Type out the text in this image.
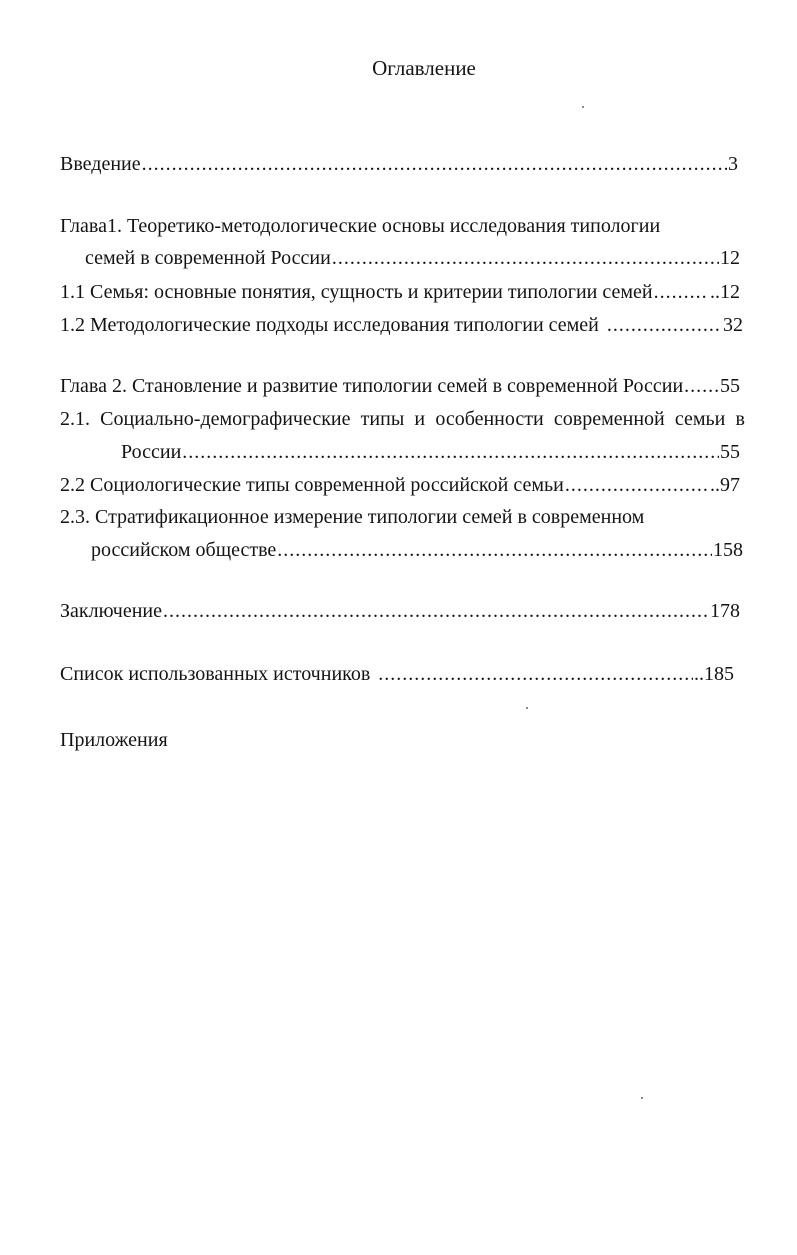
Оглавление
Введение .....	3
Глава1. Теоретико-методологические основы исследования типологии
семей в современной России .....	12
1.1 Семья: основные понятия, сущность и критерии типологии семей .....	..12
1.2 Методологические подходы исследования типологии семей .....	32
Глава 2. Становление и развитие типологии семей в современной России ..... 55
2.1. Социально-демографические типы и особенности современной семьи в
России .....	55
2.2 Социологические типы современной российской семьи .....	..97
2.3. Стратификационное измерение типологии семей в современном
российском обществе .....	158
Заключение .....	178
Список использованных источников .....	..185
Приложения
